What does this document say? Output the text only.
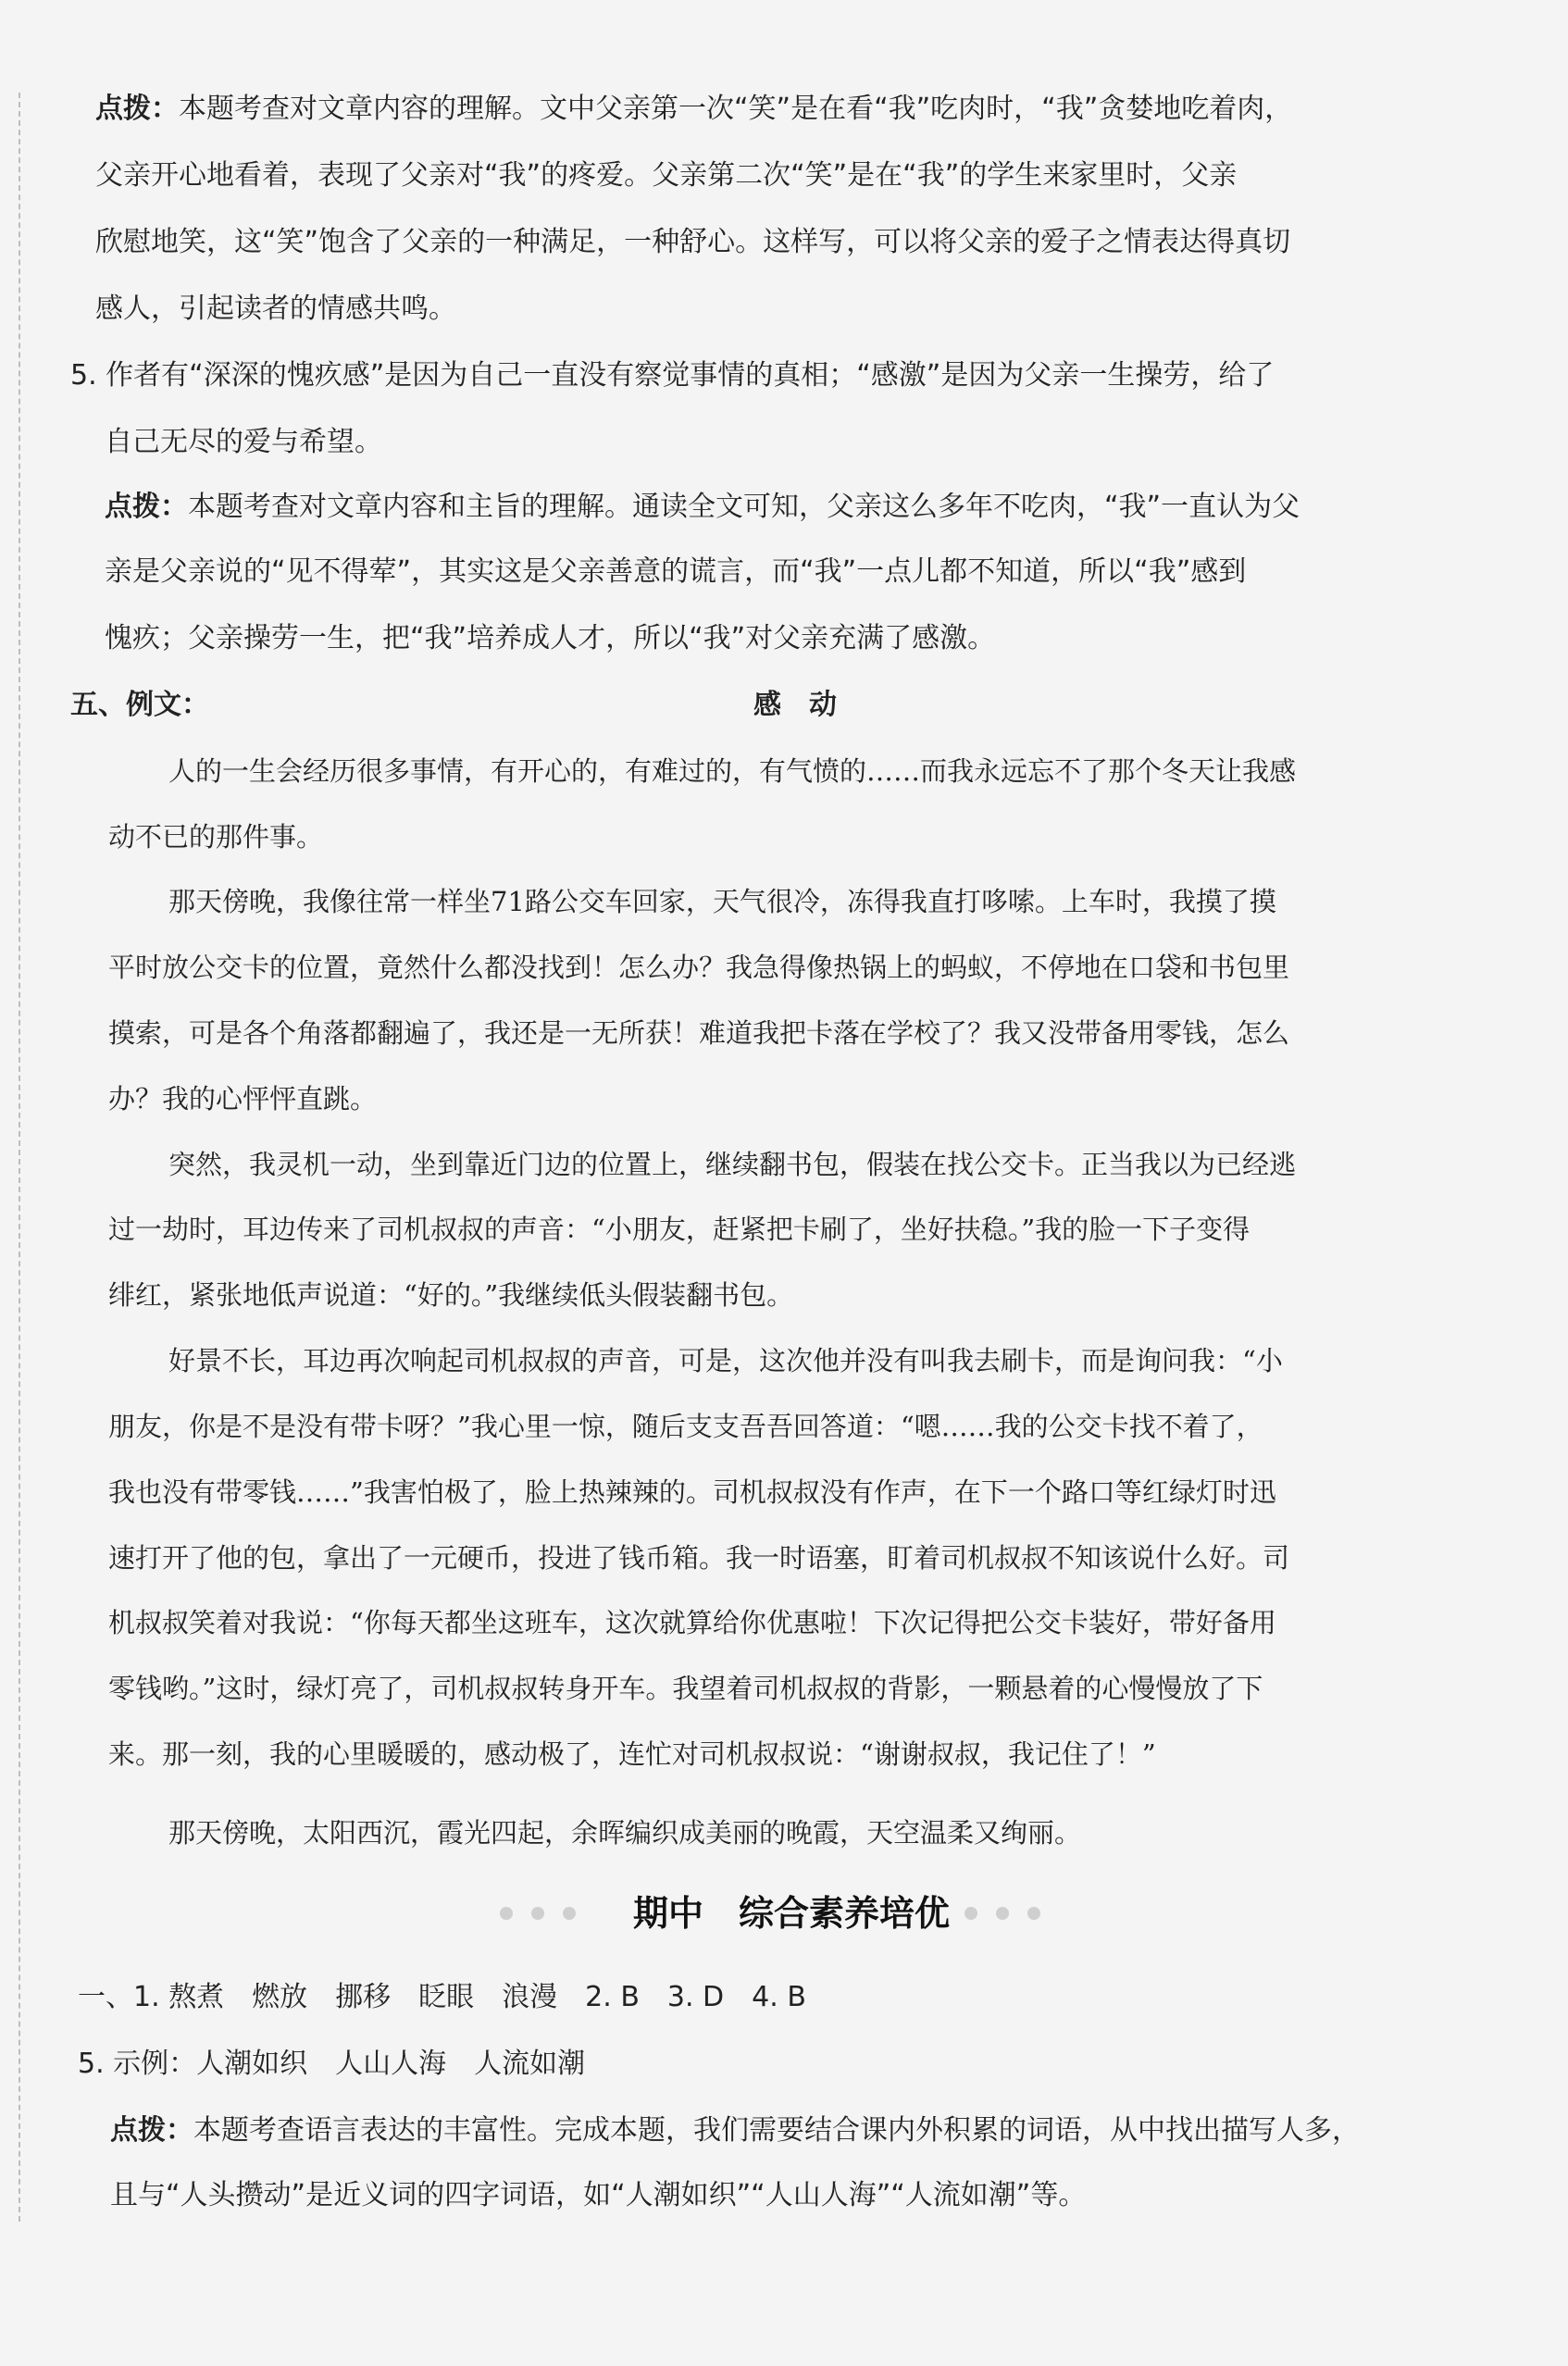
点拨：本题考查对文章内容的理解。文中父亲第一次“笑”是在看“我”吃肉时，“我”贪婪地吃着肉，
父亲开心地看着，表现了父亲对“我”的疼爱。父亲第二次“笑”是在“我”的学生来家里时，父亲
欣慰地笑，这“笑”饱含了父亲的一种满足，一种舒心。这样写，可以将父亲的爱子之情表达得真切
感人，引起读者的情感共鸣。
5. 作者有“深深的愧疚感”是因为自己一直没有察觉事情的真相；“感激”是因为父亲一生操劳，给了
自己无尽的爱与希望。
点拨：本题考查对文章内容和主旨的理解。通读全文可知，父亲这么多年不吃肉，“我”一直认为父
亲是父亲说的“见不得荤”，其实这是父亲善意的谎言，而“我”一点儿都不知道，所以“我”感到
愧疚；父亲操劳一生，把“我”培养成人才，所以“我”对父亲充满了感激。
五、例文：	感　动
人的一生会经历很多事情，有开心的，有难过的，有气愤的……而我永远忘不了那个冬天让我感
动不已的那件事。
那天傍晚，我像往常一样坐71路公交车回家，天气很冷，冻得我直打哆嗦。上车时，我摸了摸
平时放公交卡的位置，竟然什么都没找到！怎么办？我急得像热锅上的蚂蚁，不停地在口袋和书包里
摸索，可是各个角落都翻遍了，我还是一无所获！难道我把卡落在学校了？我又没带备用零钱，怎么
办？我的心怦怦直跳。
突然，我灵机一动，坐到靠近门边的位置上，继续翻书包，假装在找公交卡。正当我以为已经逃
过一劫时，耳边传来了司机叔叔的声音：“小朋友，赶紧把卡刷了，坐好扶稳。”我的脸一下子变得
绯红，紧张地低声说道：“好的。”我继续低头假装翻书包。
好景不长，耳边再次响起司机叔叔的声音，可是，这次他并没有叫我去刷卡，而是询问我：“小
朋友，你是不是没有带卡呀？”我心里一惊，随后支支吾吾回答道：“嗯……我的公交卡找不着了，
我也没有带零钱……”我害怕极了，脸上热辣辣的。司机叔叔没有作声，在下一个路口等红绿灯时迅
速打开了他的包，拿出了一元硬币，投进了钱币箱。我一时语塞，盯着司机叔叔不知该说什么好。司
机叔叔笑着对我说：“你每天都坐这班车，这次就算给你优惠啦！下次记得把公交卡装好，带好备用
零钱哟。”这时，绿灯亮了，司机叔叔转身开车。我望着司机叔叔的背影，一颗悬着的心慢慢放了下
来。那一刻，我的心里暖暖的，感动极了，连忙对司机叔叔说：“谢谢叔叔，我记住了！”
那天傍晚，太阳西沉，霞光四起，余晖编织成美丽的晚霞，天空温柔又绚丽。
期中　综合素养培优
一、1. 熬煮　燃放　挪移　眨眼　浪漫　2. B　3. D　4. B
5. 示例：人潮如织　人山人海　人流如潮
点拨：本题考查语言表达的丰富性。完成本题，我们需要结合课内外积累的词语，从中找出描写人多，
且与“人头攒动”是近义词的四字词语，如“人潮如织”“人山人海”“人流如潮”等。
